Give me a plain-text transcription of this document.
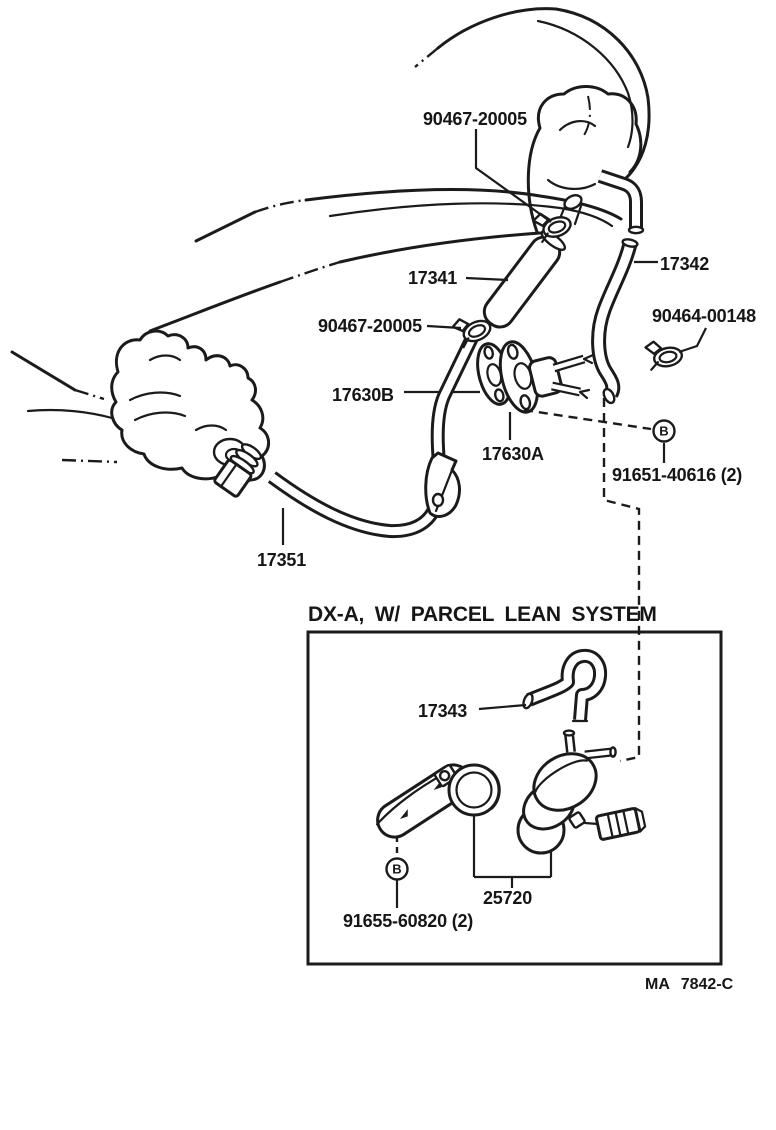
B
90467-20005
17341
17342
90467-20005	90464-00148
17630B
17630A
91651-40616 (2)
17351
DX-A, W/ PARCEL LEAN SYSTEM
B
17343
25720
91655-60820 (2)
MA 7842-C
